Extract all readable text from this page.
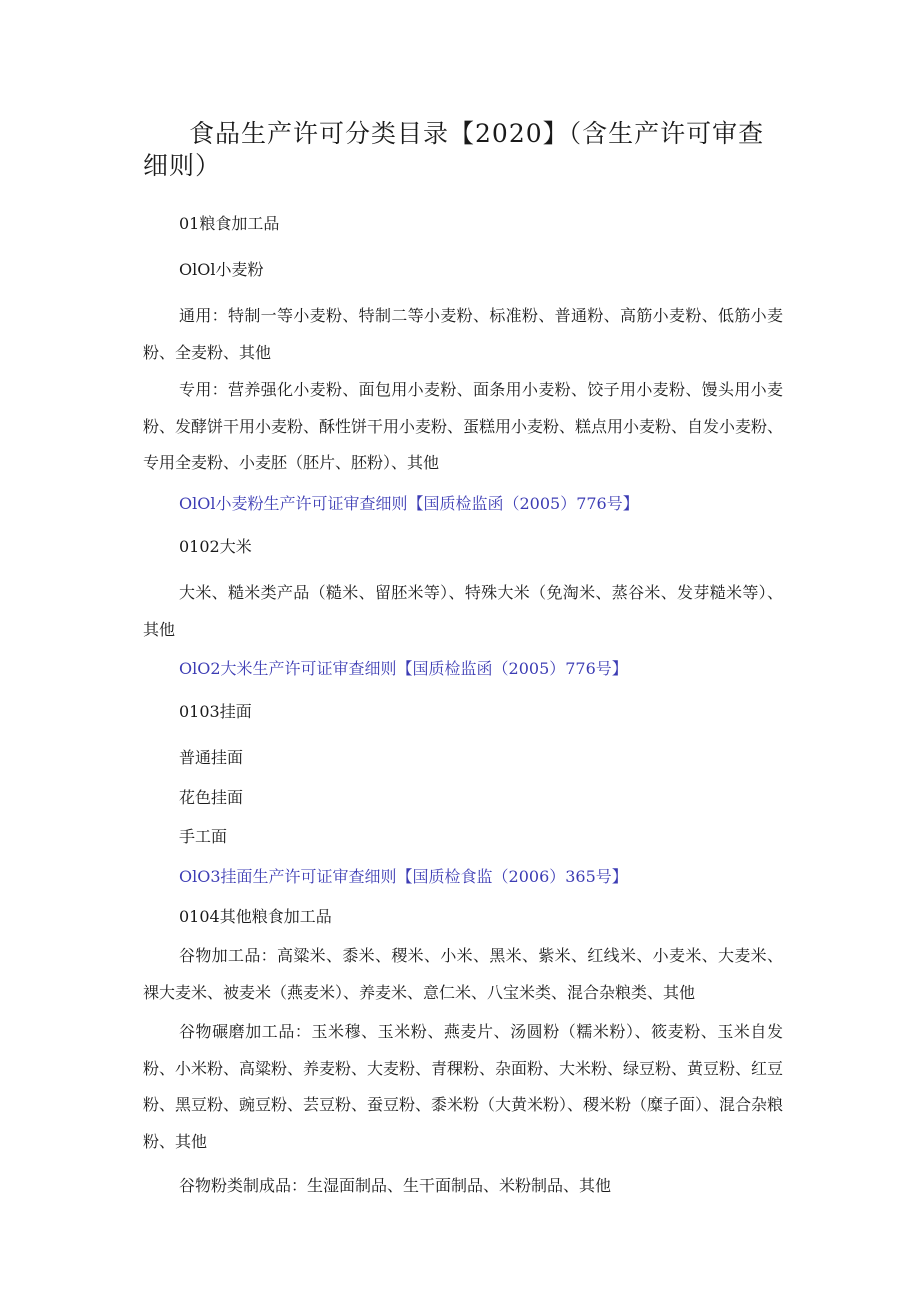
食品生产许可分类目录【2020】（含生产许可审查细则）

01粮食加工品

OlOl小麦粉

通用：特制一等小麦粉、特制二等小麦粉、标准粉、普通粉、高筋小麦粉、低筋小麦粉、全麦粉、其他

专用：营养强化小麦粉、面包用小麦粉、面条用小麦粉、饺子用小麦粉、馒头用小麦粉、发酵饼干用小麦粉、酥性饼干用小麦粉、蛋糕用小麦粉、糕点用小麦粉、自发小麦粉、专用全麦粉、小麦胚（胚片、胚粉）、其他

OlOl小麦粉生产许可证审查细则【国质检监函（2005）776号】

0102大米

大米、糙米类产品（糙米、留胚米等）、特殊大米（免淘米、蒸谷米、发芽糙米等）、其他

OlO2大米生产许可证审查细则【国质检监函（2005）776号】

0103挂面

普通挂面

花色挂面

手工面

OlO3挂面生产许可证审查细则【国质检食监（2006）365号】

0104其他粮食加工品

谷物加工品：高粱米、黍米、稷米、小米、黑米、紫米、红线米、小麦米、大麦米、裸大麦米、被麦米（燕麦米）、养麦米、意仁米、八宝米类、混合杂粮类、其他

谷物碾磨加工品：玉米穆、玉米粉、燕麦片、汤圆粉（糯米粉）、筱麦粉、玉米自发粉、小米粉、高粱粉、养麦粉、大麦粉、青稞粉、杂面粉、大米粉、绿豆粉、黄豆粉、红豆粉、黑豆粉、豌豆粉、芸豆粉、蚕豆粉、黍米粉（大黄米粉）、稷米粉（糜子面）、混合杂粮粉、其他

谷物粉类制成品：生湿面制品、生干面制品、米粉制品、其他
